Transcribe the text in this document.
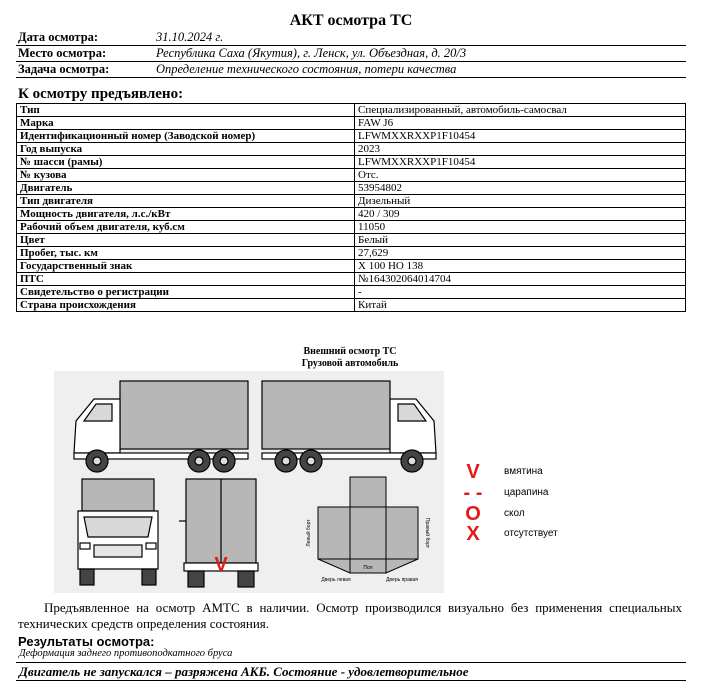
АКТ осмотра ТС
Дата осмотра:	31.10.2024 г.
Место осмотра:	Республика Саха (Якутия), г. Ленск, ул. Объездная, д. 20/3
Задача осмотра:	Определение технического состояния, потери качества
К осмотру предъявлено:
Тип	Специализированный, автомобиль-самосвал
Марка	FAW J6
Идентификационный номер (Заводской номер)	LFWMXXRXXP1F10454
Год выпуска	2023
№ шасси (рамы)	LFWMXXRXXP1F10454
№ кузова	Отс.
Двигатель	53954802
Тип двигателя	Дизельный
Мощность двигателя, л.с./кВт	420 / 309
Рабочий объем двигателя, куб.см	11050
Цвет	Белый
Пробег, тыс. км	27,629
Государственный знак	Х 100 НО 138
ПТС	№164302064014704
Свидетельство о регистрации	-
Страна происхождения	Китай
Внешний осмотр ТС
Грузовой автомобиль
V
Левый борт	Правый борт
Пол
Дверь левая	Дверь правая
V	вмятина
- -	царапина
O	скол
X	отсутствует
Предъявленное на осмотр АМТС в наличии. Осмотр производился визуально без применения специальных технических средств определения состояния.
Результаты осмотра:
Деформация заднего противоподкатного бруса
Двигатель не запускался – разряжена АКБ. Состояние - удовлетворительное
